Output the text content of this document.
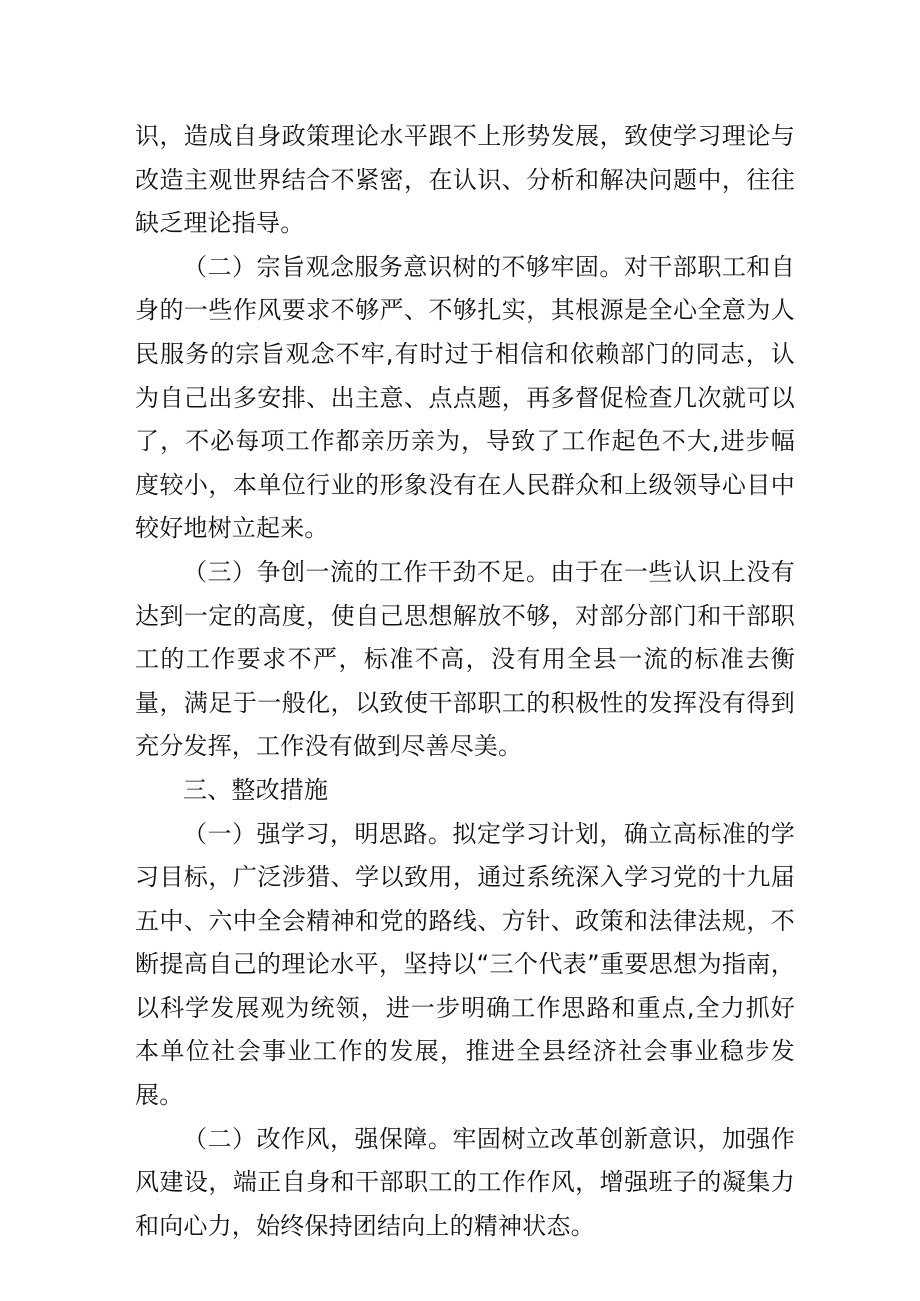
识，造成自身政策理论水平跟不上形势发展，致使学习理论与改造主观世界结合不紧密，在认识、分析和解决问题中，往往缺乏理论指导。

（二）宗旨观念服务意识树的不够牢固。对干部职工和自身的一些作风要求不够严、不够扎实，其根源是全心全意为人民服务的宗旨观念不牢,有时过于相信和依赖部门的同志，认为自己出多安排、出主意、点点题，再多督促检查几次就可以了，不必每项工作都亲历亲为，导致了工作起色不大,进步幅度较小，本单位行业的形象没有在人民群众和上级领导心目中较好地树立起来。

（三）争创一流的工作干劲不足。由于在一些认识上没有达到一定的高度，使自己思想解放不够，对部分部门和干部职工的工作要求不严，标准不高，没有用全县一流的标准去衡量，满足于一般化，以致使干部职工的积极性的发挥没有得到充分发挥，工作没有做到尽善尽美。

三、整改措施

（一）强学习，明思路。拟定学习计划，确立高标准的学习目标，广泛涉猎、学以致用，通过系统深入学习党的十九届五中、六中全会精神和党的路线、方针、政策和法律法规，不断提高自己的理论水平，坚持以“三个代表”重要思想为指南，以科学发展观为统领，进一步明确工作思路和重点,全力抓好本单位社会事业工作的发展，推进全县经济社会事业稳步发展。

（二）改作风，强保障。牢固树立改革创新意识，加强作风建设，端正自身和干部职工的工作作风，增强班子的凝集力和向心力，始终保持团结向上的精神状态。
